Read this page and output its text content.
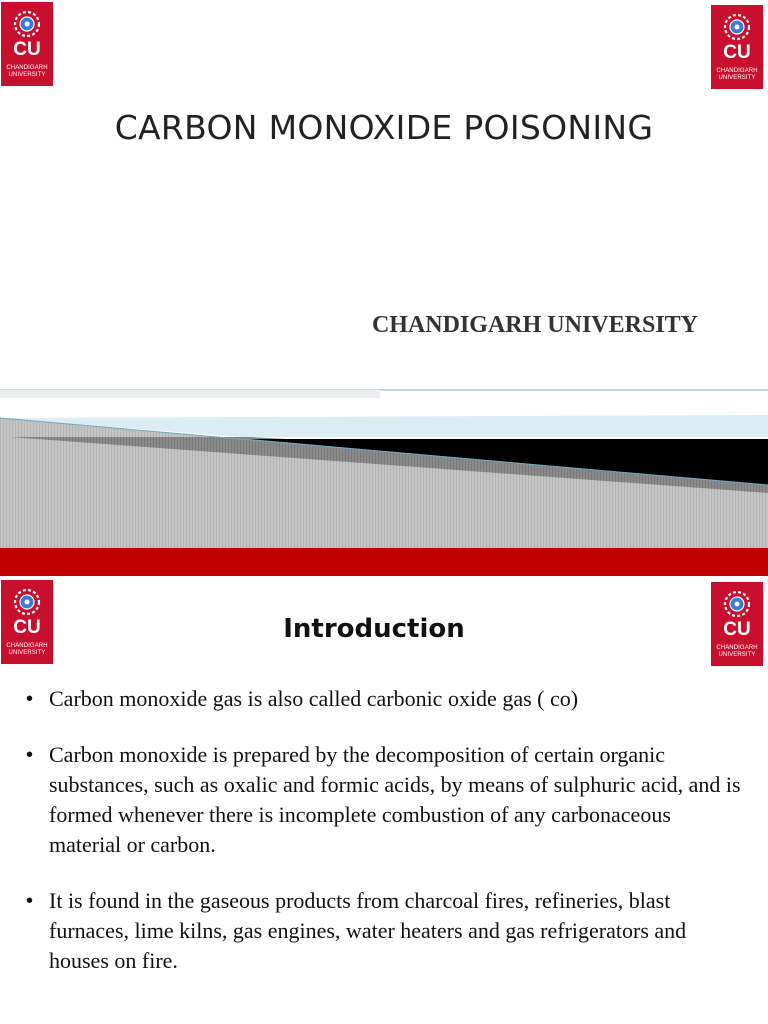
CU
CHANDIGARH
UNIVERSITY
CU
CHANDIGARH
UNIVERSITY
CARBON MONOXIDE POISONING
CHANDIGARH UNIVERSITY
CU
CHANDIGARH
UNIVERSITY
CU
CHANDIGARH
UNIVERSITY
Introduction
• Carbon monoxide gas is also called carbonic oxide gas ( co)
• Carbon monoxide is prepared by the decomposition of certain organic substances, such as oxalic and formic acids, by means of sulphuric acid, and is formed whenever there is incomplete combustion of any carbonaceous material or carbon.
• It is found in the gaseous products from charcoal fires, refineries, blast furnaces, lime kilns, gas engines, water heaters and gas refrigerators and houses on fire.
